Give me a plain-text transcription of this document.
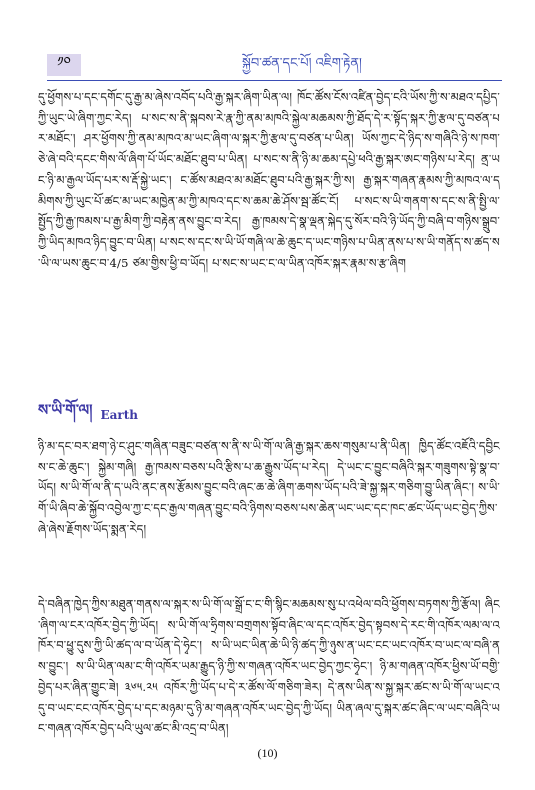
༡༠	སྐྱོབ་ཚན་དང་པོ། འཇིག་རྟེན།
དུ་ཕྱོགས་པ་དང་དགོང་དུ་རྒྱ་མ་ཞེས་འབོད་པའི་རྒྱ་སྐར་ཞིག་ཡིན་ལ། ཁོང་ཚོས་ངོས་འཛིན་བྱེད་ངའི་ཡོས་ཀྱི་ས་མཐའ་དཔྱིད་ཀྱི་ཡུང་ཡེ་ཞིག་ཀྱང་རེད། པ་སང་ས་ནི་སྐབས་རེ་རྣ་ཀྱི་ནམ་མཁའི་སྐྱེལ་མཆམས་ཀྱི་ཐོད་དེ་ར་སྟོད་སྐར་ཀྱི་རྩལ་དུ་བཙན་པར་མཐོང་། ཤར་ཕྱོགས་ཀྱི་ནམ་མཁའ་མ་ཡང་ཞིག་ལ་སྐར་ཀྱི་རྩལ་དུ་བཙན་པ་ཡིན། ཡོས་ཀྱང་དེ་ཉིད་ས་གཞིའི་ཉེ་ས་ཁག་ཅེ་ཞེ་བའི་དངང་གིས་ལོ་ཞིག་པོ་ཡོང་མཐོང་ཐུབ་པ་ཡིན། པ་སང་ས་ནི་ཉི་མ་ཆམ་དཔྱེ་ཕའི་རྒྱ་སྐར་ཨང་གཉིས་པ་རེད། ནྲ་ཡང་ཉི་མ་རྒྱལ་ཡོད་པར་ས་རྡོ་སྐྱེ་ཡང་། ང་ཚོས་མཐའ་མ་མཐོང་ཐུབ་པའི་རྒྱ་སྐར་ཀྱི་ས། རྒྱ་སྐར་གཞན་རྣམས་ཀྱི་མཁའ་ལ་དམིགས་ཀྱི་ཡུང་པོ་ཚང་མ་ཡང་མཁྱེན་མ་ཀྱི་མཁའ་དང་ས་ཆམ་ཆེ་ཤོས་སྦ་ཚོང་ངོ། པ་སང་ས་ཡི་གནག་ས་དང་ས་ནི་སྤྱི་ལ་སྤྱོད་ཀྱི་རྒྱ་ཁམས་པ་རྒྱ་མིག་ཀྱི་བརྟེན་ནས་བྱུང་བ་རེད། རྒྱ་ཁམས་དེ་སྣ་ལྡན་སྐེད་དུ་སོར་བའི་ཉི་ཡོད་ཀྱི་བཞི་བ་གཉིས་སྒྲུབ་ཀྱི་ཡིད་མཁའ་ཉིད་བྱུང་བ་ཡིན། པ་སང་ས་དང་ས་ཡི་ཡོ་གཞི་ལ་ཆེ་ཆུང་ད་ཡང་གཉིས་པ་ཡིན་ནས་པ་ས་ཡི་གནོད་ས་ཚད་ས་ཡི་ལ་ཡས་ཆུང་བ་4/5 ཙམ་གྱིས་ཕྱི་བ་ཡོད། པ་སང་ས་ཡང་ང་ལ་ཡིན་འཁོར་སྐར་རྣམ་ས་རྩ་ཞིག
ས་ཡི་གོ་ལ། Earth
ཉི་མ་དང་བར་ཐག་ཉེ་ང་ཤུང་གཞིན་བཟུང་བཙན་ས་ནི་ས་ཡི་གོ་ལ་ཞི་རྒྱ་སྐར་ཆས་གསུམ་པ་ནི་ཡིན། ཁྱིད་ཚོང་འཇོའི་དབྱིངས་ང་ཆེ་ཆུང་། སྐྱེམ་གཞི། རྒྱ་ཁམས་བཅས་པའི་རྩིས་པ་ཆ་རྒྱུས་ཡོད་པ་རེད། དེ་ཡང་ང་བྱུང་བཞིའི་སྐར་གཟུགས་སྟེ་སྣ་བ་ཡོད། ས་ཡི་གོ་ལ་ནི་ད་ཡའི་ནང་ནས་རྩོམས་བྱུང་བའི་ཞང་ཆ་ཆེ་ཞིག་ཆགས་ཡོད་པའི་ཟེ་སྐྱ་སྐར་གཅིག་བྱུ་ཡིན་ཞིང་། ས་ཡི་གོ་ཡི་ཞིབ་ཆེ་སྐྱོབ་འབྱེལ་ཀྱ་ང་དང་རྒྱལ་གཞན་བྱུང་བའི་ཉིགས་བཅས་པས་ཆེན་ཡང་ཡང་དང་ཁང་ཚང་ཡོད་ཡང་བྱེད་ཀྱིས་ཞེ་ཞེས་རྗོགས་ཡོད་སྨན་རེད།
དེ་བཞིན་ཁྱེད་ཀྱིས་མཐུན་གནས་ལ་སྐར་ས་ཡི་གོ་ལ་སྒྲོ་ང་ང་གི་སྙིང་མཆམས་སུ་པ་འཕེལ་བའི་ཕྱོགས་བཏགས་ཀྱི་རྩོལ། ཞིང་ཞིག་ལ་ངར་འཁོར་བྱེད་ཀྱི་ཡོད། ས་ཡི་གོ་ལ་ཧྲིགས་བགྲགས་སྟོབ་ཞིང་ལ་དང་འཁོར་བྱེད་སྟབས་དེ་རང་གི་འཁོར་ལམ་ལ་འཁོར་བ་ཕྱུ་དུས་ཀྱི་ཡི་ཚད་ལ་བ་ཡོན་དེ་ཧྭེང་། ས་ཡི་ཡང་ཡིན་ཆེ་ཡི་ཉི་ཚད་ཀྱི་ཉུས་ན་ཡང་ངང་ཡང་འཁོར་བ་ཡང་ལ་བཞི་ནས་བྱུང་། ས་ཡི་ཡིན་ལམ་ང་གི་འཁོར་ཡམ་རྒྱུད་ཉི་ཀྱི་ས་གཞན་འཁོར་ཡང་བྱེད་ཀྱང་ཧྭེང་། ཉི་མ་གཞན་འཁོར་ཕྱིས་ཡོ་བགྱི་བྱེད་པར་ཞིན་གྱུང་ཟེ། ༣༦༥.༢༥ འཁོར་ཀྱི་ཡོད་པ་དེ་ར་ཚོས་ལོ་གཅིག་ཟེར། དེ་ནས་ཡིན་ས་སྐྱ་སྐར་ཚང་ས་ཡི་གོ་ལ་ཡང་འདུ་བ་ཡང་ངང་འཁོར་བྱེད་པ་དང་མཉམ་དུ་ཉི་མ་གཞན་འཁོར་ཡང་བྱེད་ཀྱི་ཡོད། ཡིན་ཞལ་དུ་སྐར་ཚང་ཞིང་ལ་ཡང་བཞིའི་ཡང་གཞན་འཁོར་བྱེད་པའི་ཡུལ་ཚང་མི་འདྲ་བ་ཡིན།
(10)
